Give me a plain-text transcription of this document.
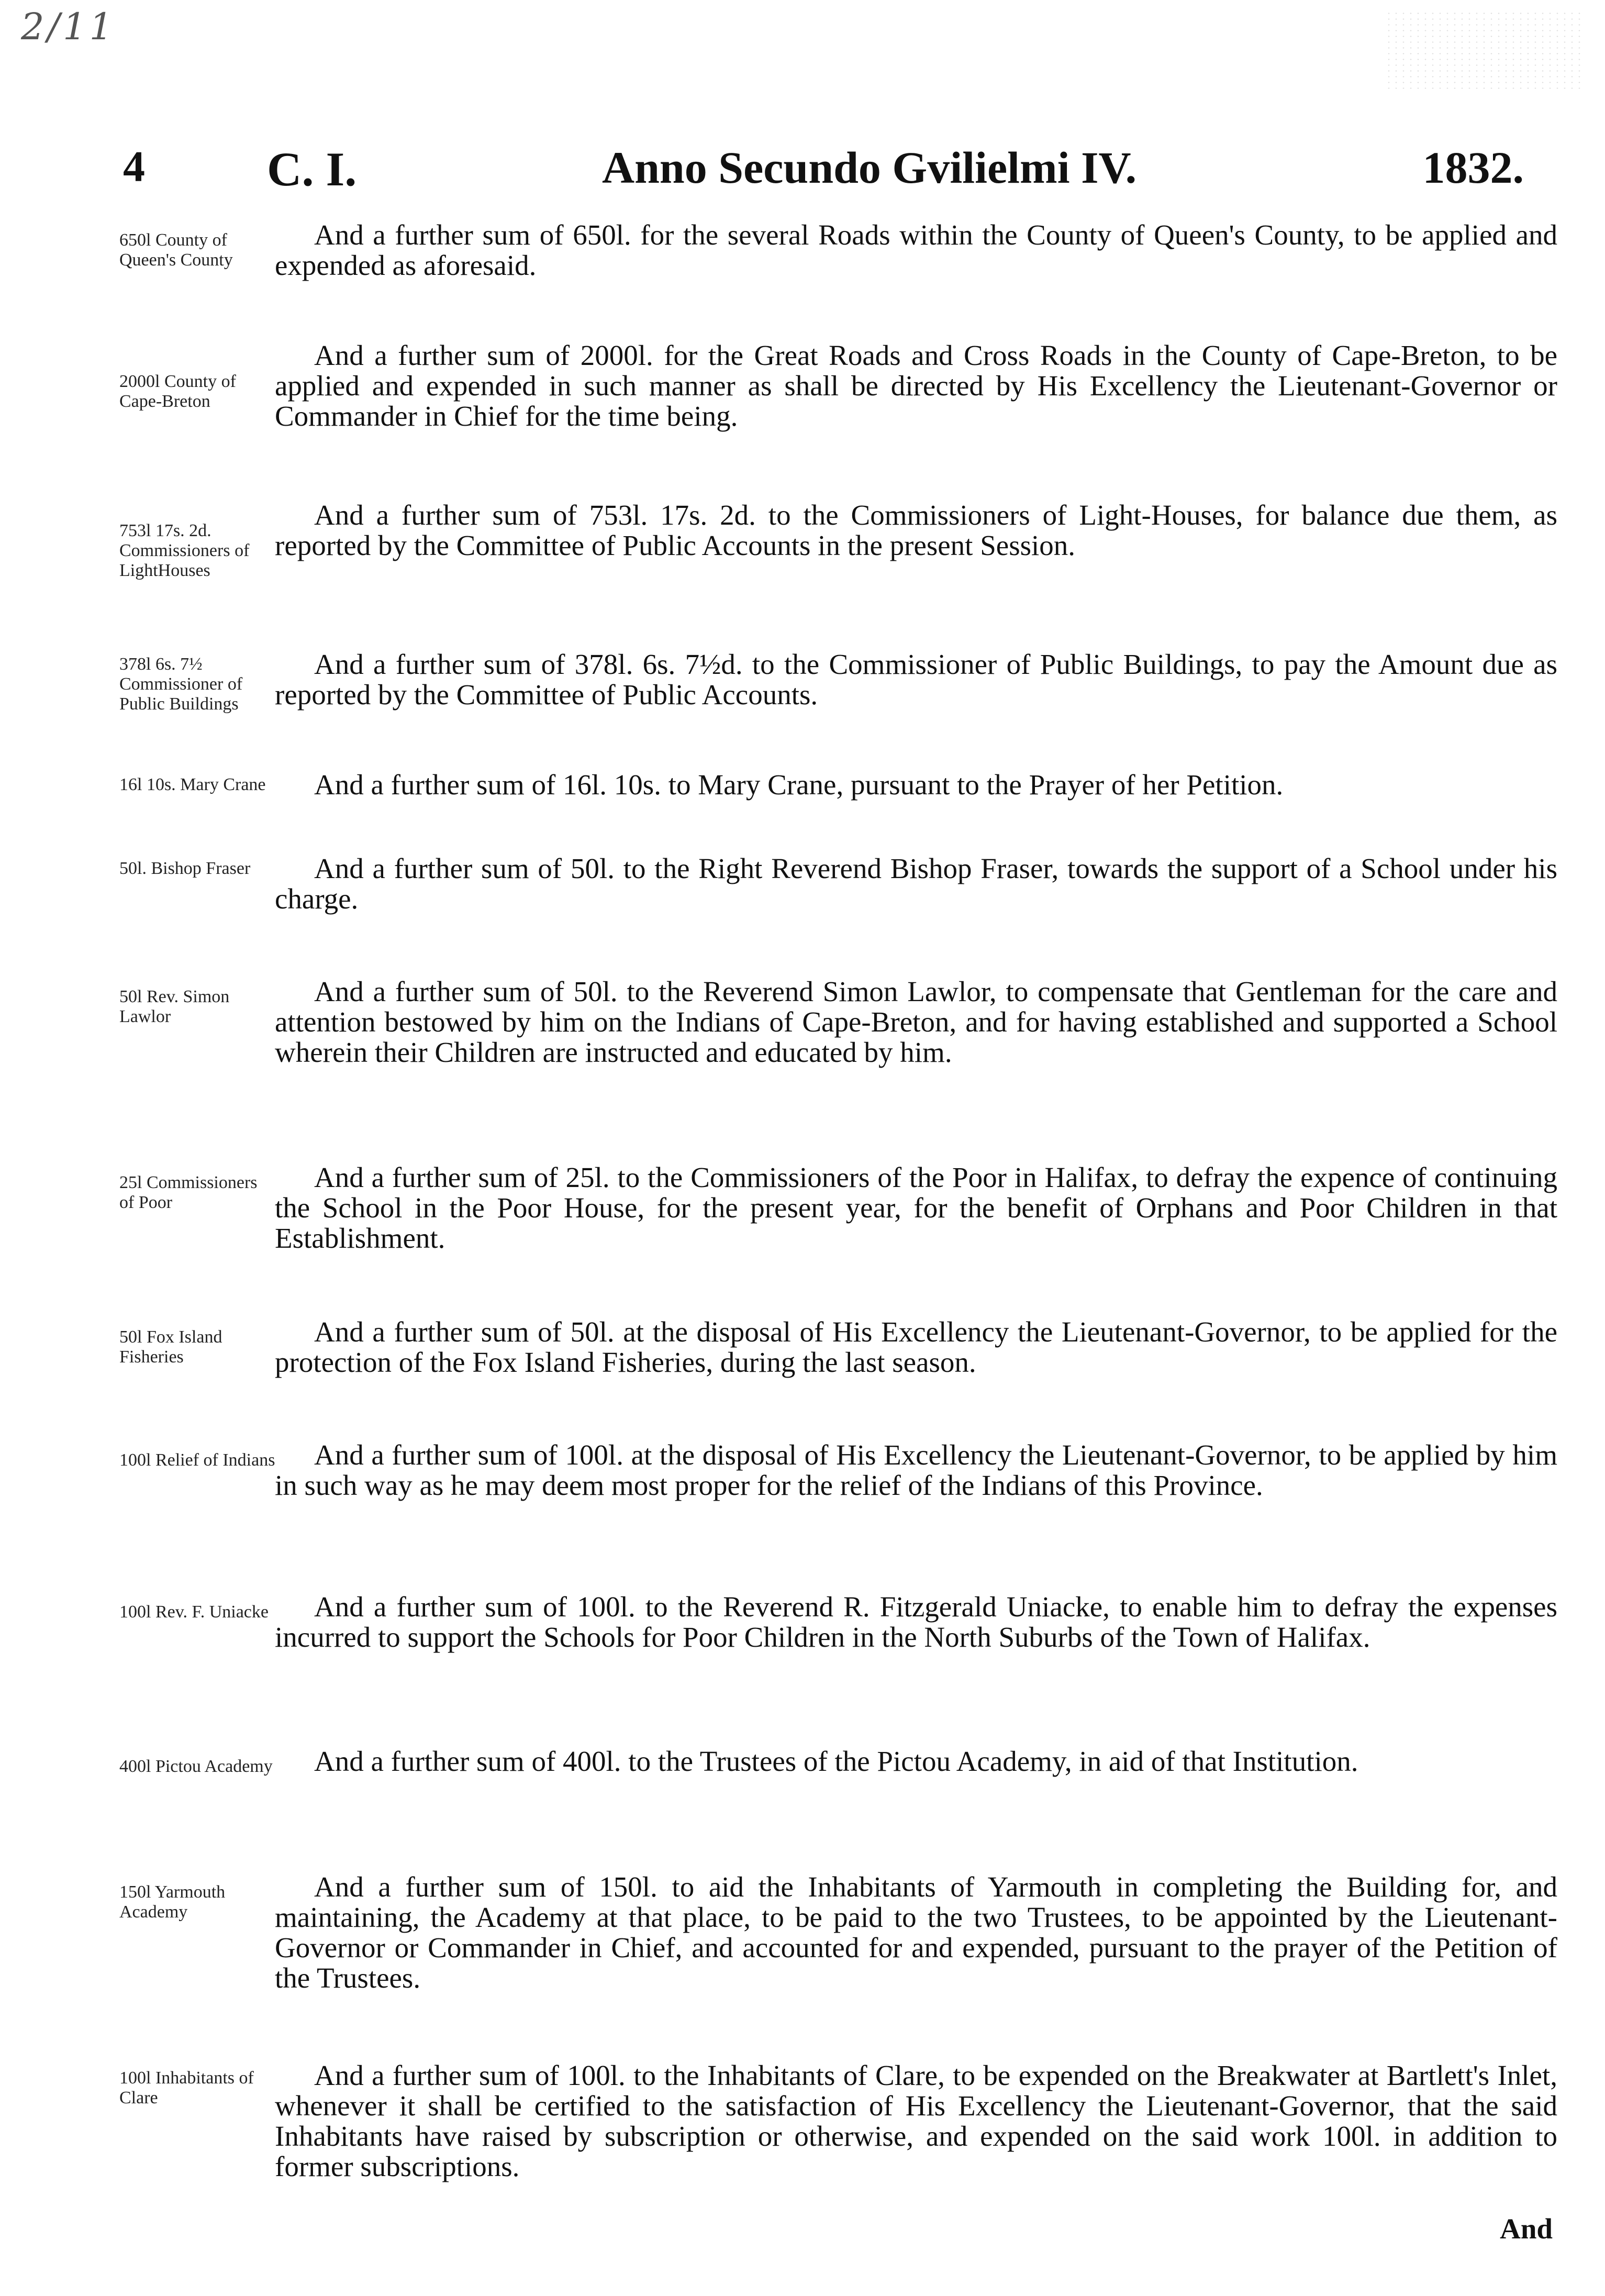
2/11
4	C. I.	Anno Secundo Gvilielmi IV.	1832.
650l County of Queen's County
And a further sum of 650l. for the several Roads within the County of Queen's County, to be applied and expended as aforesaid.
2000l County of Cape-Breton
And a further sum of 2000l. for the Great Roads and Cross Roads in the County of Cape-Breton, to be applied and expended in such manner as shall be directed by His Excellency the Lieutenant-Governor or Commander in Chief for the time being.
753l 17s. 2d. Commissioners of LightHouses
And a further sum of 753l. 17s. 2d. to the Commissioners of Light-Houses, for balance due them, as reported by the Committee of Public Accounts in the present Session.
378l 6s. 7½ Commissioner of Public Buildings
And a further sum of 378l. 6s. 7½d. to the Commissioner of Public Buildings, to pay the Amount due as reported by the Committee of Public Accounts.
16l 10s. Mary Crane	And a further sum of 16l. 10s. to Mary Crane, pursuant to the Prayer of her Petition.
50l. Bishop Fraser	And a further sum of 50l. to the Right Reverend Bishop Fraser, towards the support of a School under his charge.
50l Rev. Simon Lawlor
And a further sum of 50l. to the Reverend Simon Lawlor, to compensate that Gentleman for the care and attention bestowed by him on the Indians of Cape-Breton, and for having established and supported a School wherein their Children are instructed and educated by him.
25l Commissioners of Poor
And a further sum of 25l. to the Commissioners of the Poor in Halifax, to defray the expence of continuing the School in the Poor House, for the present year, for the benefit of Orphans and Poor Children in that Establishment.
50l Fox Island Fisheries
And a further sum of 50l. at the disposal of His Excellency the Lieutenant-Governor, to be applied for the protection of the Fox Island Fisheries, during the last season.
100l Relief of Indians	And a further sum of 100l. at the disposal of His Excellency the Lieutenant-Governor, to be applied by him in such way as he may deem most proper for the relief of the Indians of this Province.
100l Rev. F. Uniacke	And a further sum of 100l. to the Reverend R. Fitzgerald Uniacke, to enable him to defray the expenses incurred to support the Schools for Poor Children in the North Suburbs of the Town of Halifax.
400l Pictou Academy	And a further sum of 400l. to the Trustees of the Pictou Academy, in aid of that Institution.
150l Yarmouth Academy
And a further sum of 150l. to aid the Inhabitants of Yarmouth in completing the Building for, and maintaining, the Academy at that place, to be paid to the two Trustees, to be appointed by the Lieutenant-Governor or Commander in Chief, and accounted for and expended, pursuant to the prayer of the Petition of the Trustees.
100l Inhabitants of Clare
And a further sum of 100l. to the Inhabitants of Clare, to be expended on the Breakwater at Bartlett's Inlet, whenever it shall be certified to the satisfaction of His Excellency the Lieutenant-Governor, that the said Inhabitants have raised by subscription or otherwise, and expended on the said work 100l. in addition to former subscriptions.
And
